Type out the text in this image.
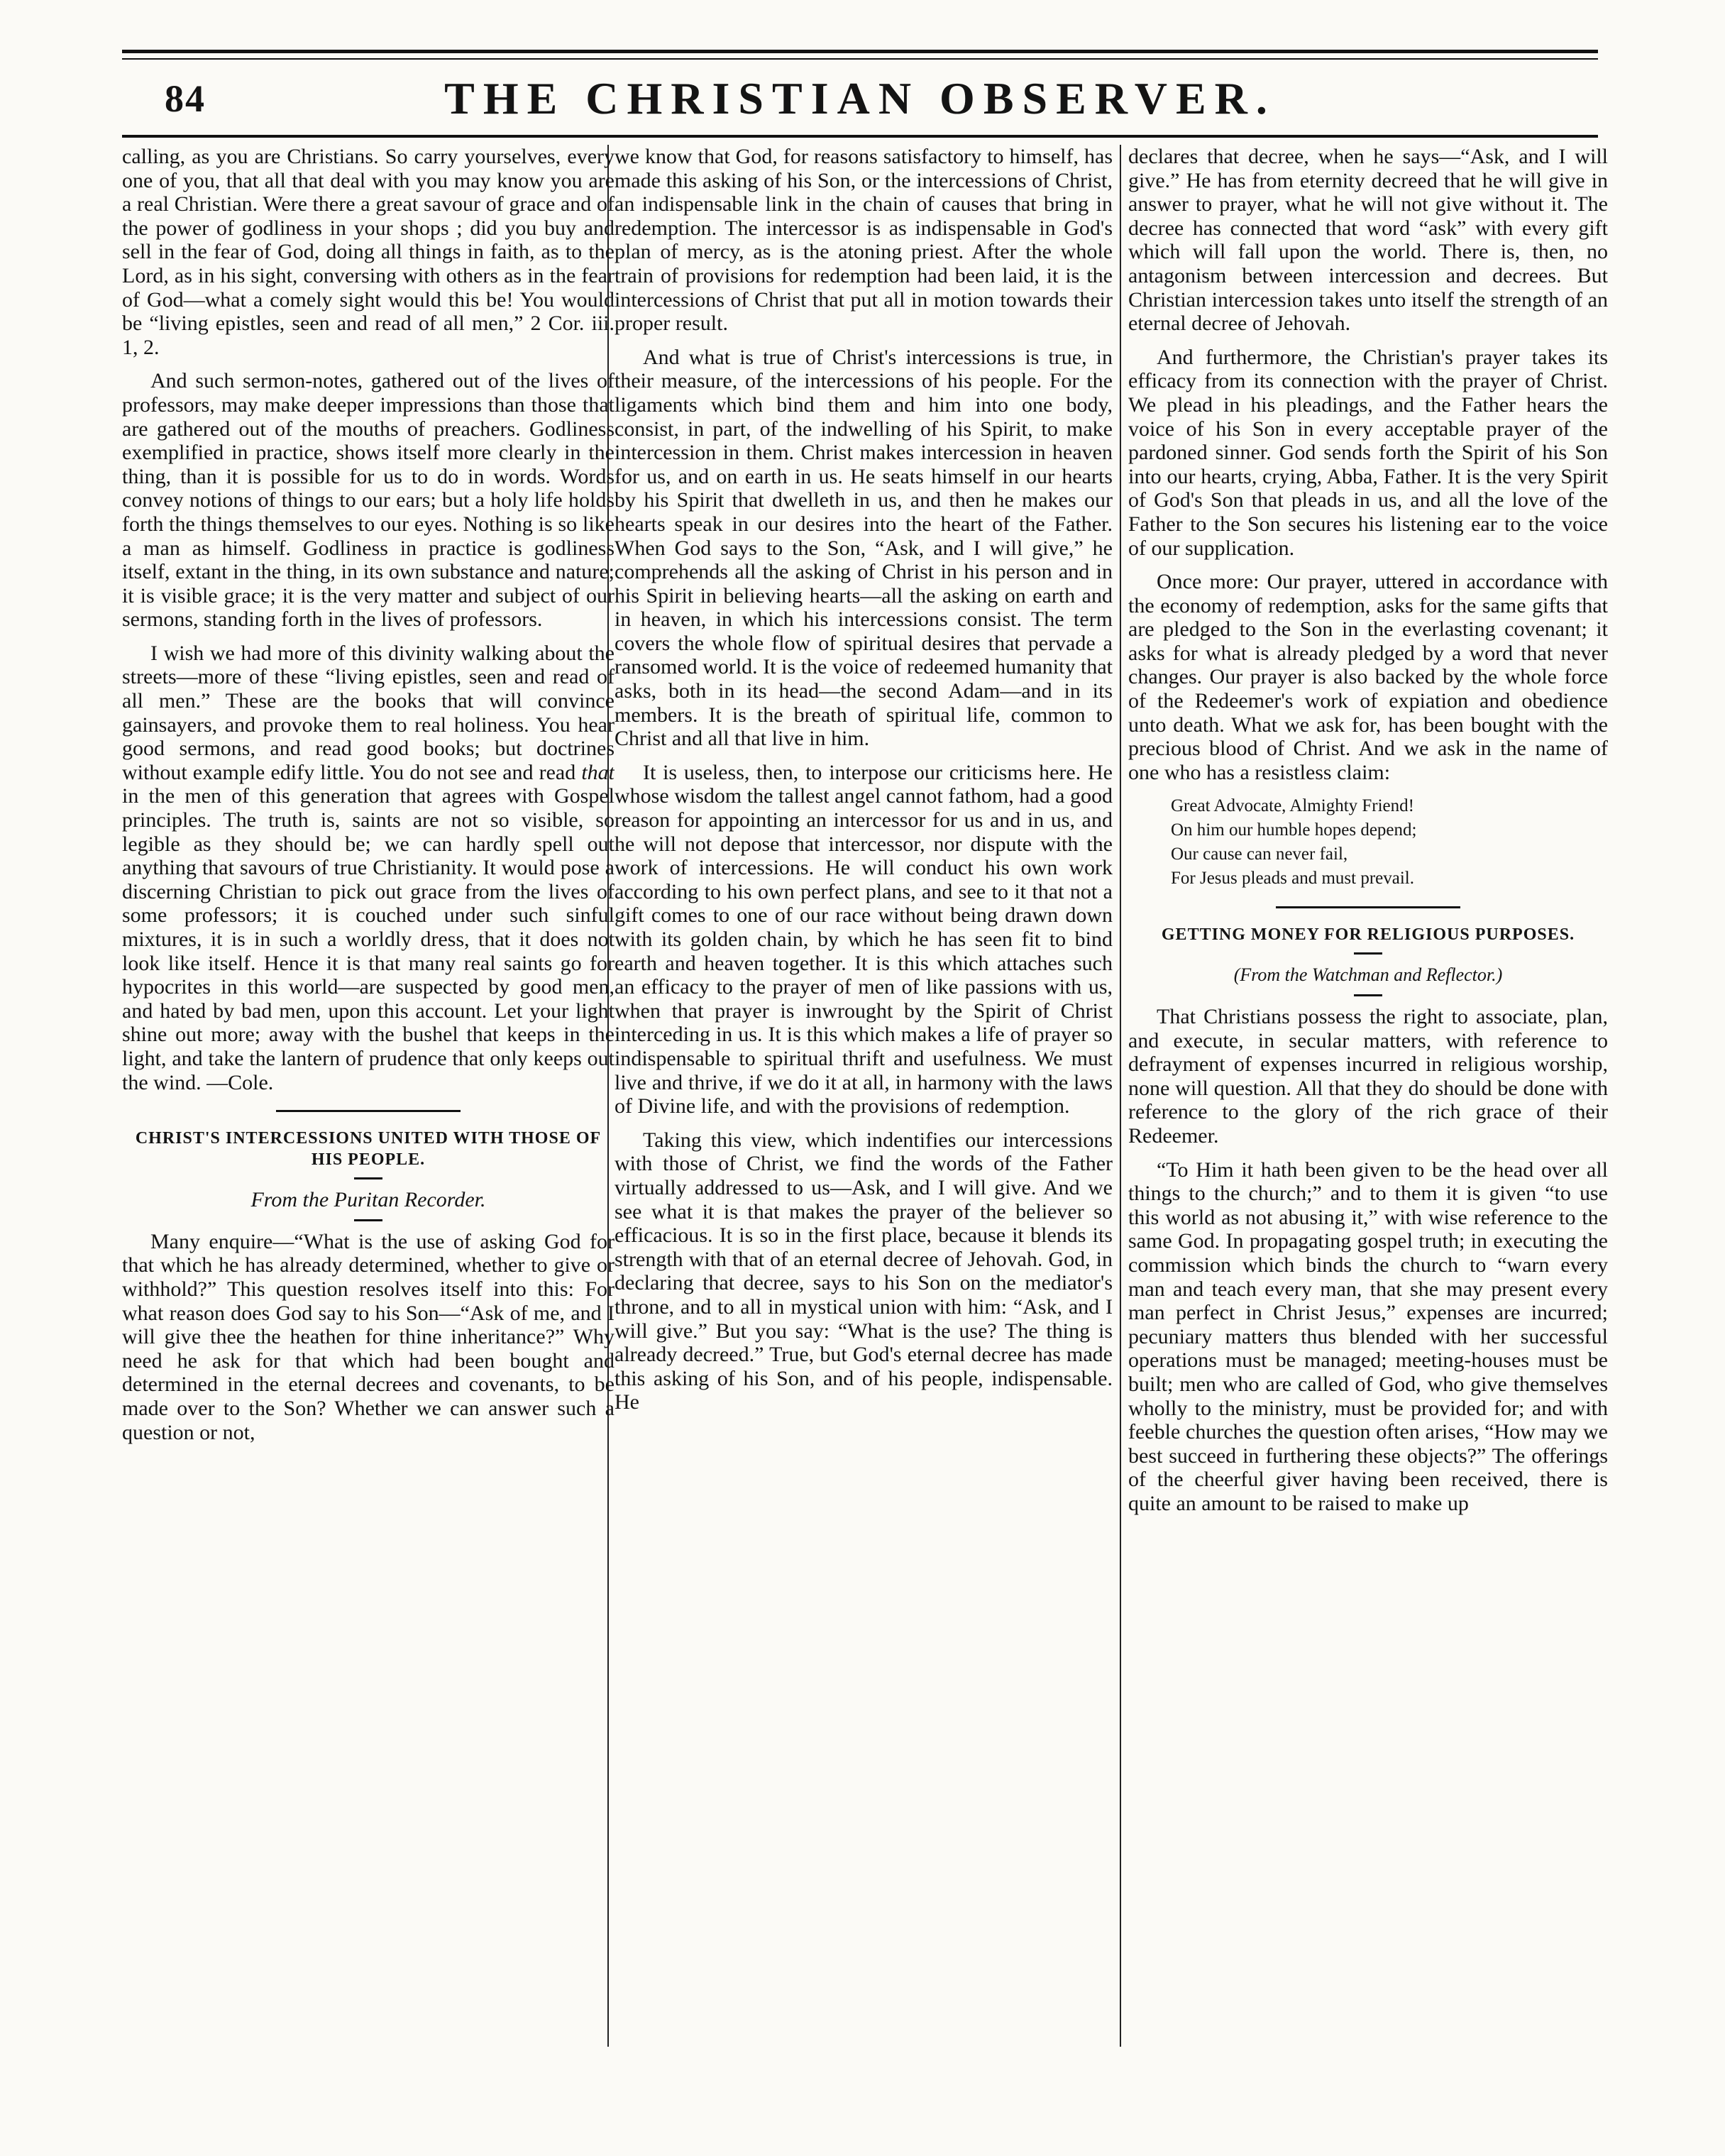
84	THE CHRISTIAN OBSERVER.

calling, as you are Christians. So carry yourselves, every one of you, that all that deal with you may know you are a real Christian. Were there a great savour of grace and of the power of godliness in your shops ; did you buy and sell in the fear of God, doing all things in faith, as to the Lord, as in his sight, conversing with others as in the fear of God—what a comely sight would this be! You would be “living epistles, seen and read of all men,” 2 Cor. iii. 1, 2.

And such sermon-notes, gathered out of the lives of professors, may make deeper impressions than those that are gathered out of the mouths of preachers. Godliness exemplified in practice, shows itself more clearly in the thing, than it is possible for us to do in words. Words convey notions of things to our ears; but a holy life holds forth the things themselves to our eyes. Nothing is so like a man as himself. Godliness in practice is godliness itself, extant in the thing, in its own substance and nature; it is visible grace; it is the very matter and subject of our sermons, standing forth in the lives of professors.

I wish we had more of this divinity walking about the streets—more of these “living epistles, seen and read of all men.” These are the books that will convince gainsayers, and provoke them to real holiness. You hear good sermons, and read good books; but doctrines without example edify little. You do not see and read that in the men of this generation that agrees with Gospel principles. The truth is, saints are not so visible, so legible as they should be; we can hardly spell out anything that savours of true Christianity. It would pose a discerning Christian to pick out grace from the lives of some professors; it is couched under such sinful mixtures, it is in such a worldly dress, that it does not look like itself. Hence it is that many real saints go for hypocrites in this world—are suspected by good men, and hated by bad men, upon this account. Let your light shine out more; away with the bushel that keeps in the light, and take the lantern of prudence that only keeps out the wind. —Cole.

CHRIST'S INTERCESSIONS UNITED WITH THOSE OF HIS PEOPLE.
From the Puritan Recorder.

Many enquire—“What is the use of asking God for that which he has already determined, whether to give or withhold?” This question resolves itself into this: For what reason does God say to his Son—“Ask of me, and I will give thee the heathen for thine inheritance?” Why need he ask for that which had been bought and determined in the eternal decrees and covenants, to be made over to the Son? Whether we can answer such a question or not,

we know that God, for reasons satisfactory to himself, has made this asking of his Son, or the intercessions of Christ, an indispensable link in the chain of causes that bring in redemption. The intercessor is as indispensable in God's plan of mercy, as is the atoning priest. After the whole train of provisions for redemption had been laid, it is the intercessions of Christ that put all in motion towards their proper result.

And what is true of Christ's intercessions is true, in their measure, of the intercessions of his people. For the ligaments which bind them and him into one body, consist, in part, of the indwelling of his Spirit, to make intercession in them. Christ makes intercession in heaven for us, and on earth in us. He seats himself in our hearts by his Spirit that dwelleth in us, and then he makes our hearts speak in our desires into the heart of the Father. When God says to the Son, “Ask, and I will give,” he comprehends all the asking of Christ in his person and in his Spirit in believing hearts—all the asking on earth and in heaven, in which his intercessions consist. The term covers the whole flow of spiritual desires that pervade a ransomed world. It is the voice of redeemed humanity that asks, both in its head—the second Adam—and in its members. It is the breath of spiritual life, common to Christ and all that live in him.

It is useless, then, to interpose our criticisms here. He whose wisdom the tallest angel cannot fathom, had a good reason for appointing an intercessor for us and in us, and he will not depose that intercessor, nor dispute with the work of intercessions. He will conduct his own work according to his own perfect plans, and see to it that not a gift comes to one of our race without being drawn down with its golden chain, by which he has seen fit to bind earth and heaven together. It is this which attaches such an efficacy to the prayer of men of like passions with us, when that prayer is inwrought by the Spirit of Christ interceding in us. It is this which makes a life of prayer so indispensable to spiritual thrift and usefulness. We must live and thrive, if we do it at all, in harmony with the laws of Divine life, and with the provisions of redemption.

Taking this view, which indentifies our intercessions with those of Christ, we find the words of the Father virtually addressed to us—Ask, and I will give. And we see what it is that makes the prayer of the believer so efficacious. It is so in the first place, because it blends its strength with that of an eternal decree of Jehovah. God, in declaring that decree, says to his Son on the mediator's throne, and to all in mystical union with him: “Ask, and I will give.” But you say: “What is the use? The thing is already decreed.” True, but God's eternal decree has made this asking of his Son, and of his people, indispensable. He

declares that decree, when he says—“Ask, and I will give.” He has from eternity decreed that he will give in answer to prayer, what he will not give without it. The decree has connected that word “ask” with every gift which will fall upon the world. There is, then, no antagonism between intercession and decrees. But Christian intercession takes unto itself the strength of an eternal decree of Jehovah.

And furthermore, the Christian's prayer takes its efficacy from its connection with the prayer of Christ. We plead in his pleadings, and the Father hears the voice of his Son in every acceptable prayer of the pardoned sinner. God sends forth the Spirit of his Son into our hearts, crying, Abba, Father. It is the very Spirit of God's Son that pleads in us, and all the love of the Father to the Son secures his listening ear to the voice of our supplication.

Once more: Our prayer, uttered in accordance with the economy of redemption, asks for the same gifts that are pledged to the Son in the everlasting covenant; it asks for what is already pledged by a word that never changes. Our prayer is also backed by the whole force of the Redeemer's work of expiation and obedience unto death. What we ask for, has been bought with the precious blood of Christ. And we ask in the name of one who has a resistless claim:

Great Advocate, Almighty Friend!
On him our humble hopes depend;
Our cause can never fail,
For Jesus pleads and must prevail.
GETTING MONEY FOR RELIGIOUS PURPOSES.
(From the Watchman and Reflector.)

That Christians possess the right to associate, plan, and execute, in secular matters, with reference to defrayment of expenses incurred in religious worship, none will question. All that they do should be done with reference to the glory of the rich grace of their Redeemer.

“To Him it hath been given to be the head over all things to the church;” and to them it is given “to use this world as not abusing it,” with wise reference to the same God. In propagating gospel truth; in executing the commission which binds the church to “warn every man and teach every man, that she may present every man perfect in Christ Jesus,” expenses are incurred; pecuniary matters thus blended with her successful operations must be managed; meeting-houses must be built; men who are called of God, who give themselves wholly to the ministry, must be provided for; and with feeble churches the question often arises, “How may we best succeed in furthering these objects?” The offerings of the cheerful giver having been received, there is quite an amount to be raised to make up
